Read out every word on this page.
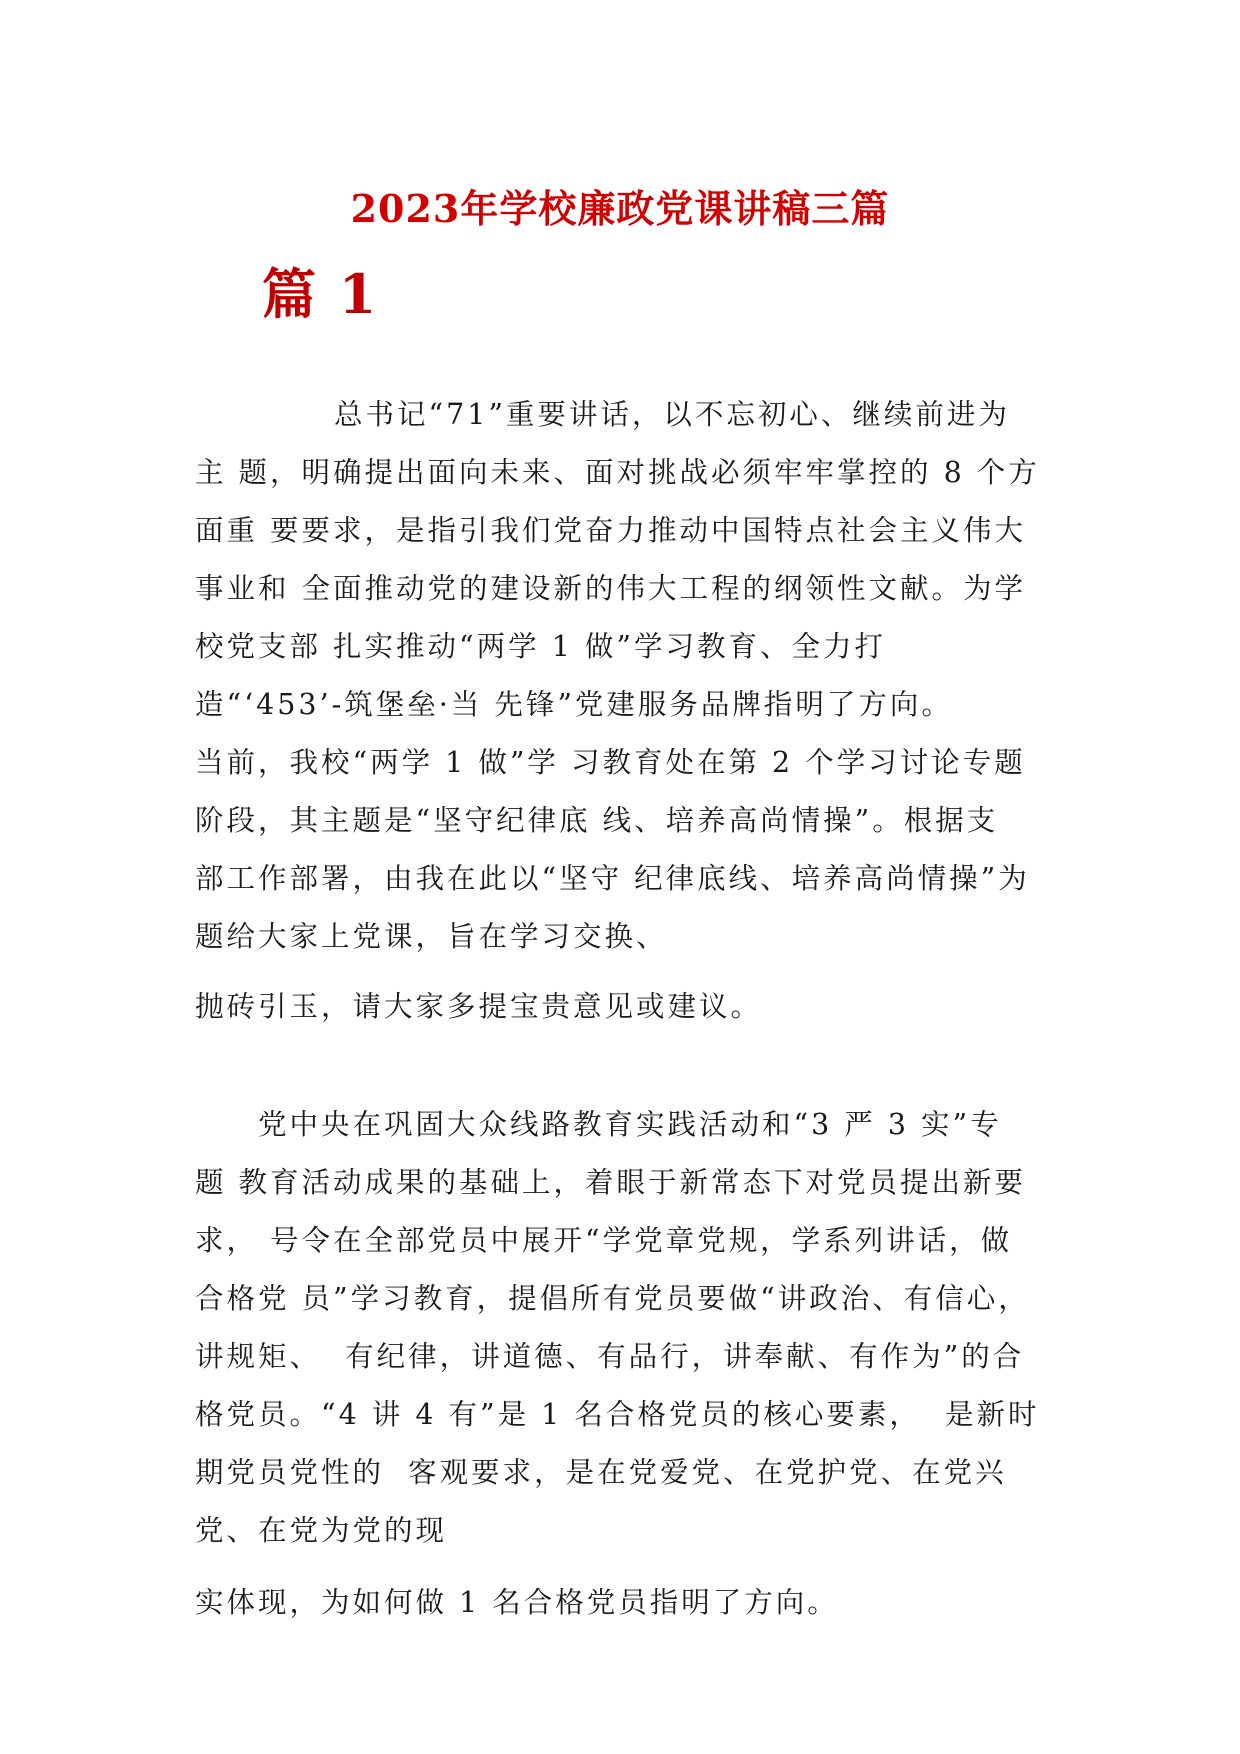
2023年学校廉政党课讲稿三篇
篇 1

总书记“71”重要讲话，以不忘初心、继续前进为

主 题，明确提出面向未来、面对挑战必须牢牢掌控的 8 个方

面重 要要求，是指引我们党奋力推动中国特点社会主义伟大

事业和 全面推动党的建设新的伟大工程的纲领性文献。为学

校党支部 扎实推动“两学 1 做”学习教育、全力打

造“‘453’-筑堡垒·当 先锋”党建服务品牌指明了方向。

当前，我校“两学 1 做”学 习教育处在第 2 个学习讨论专题

阶段，其主题是“坚守纪律底 线、培养高尚情操”。根据支

部工作部署，由我在此以“坚守 纪律底线、培养高尚情操”为

题给大家上党课，旨在学习交换、

抛砖引玉，请大家多提宝贵意见或建议。

党中央在巩固大众线路教育实践活动和“3 严 3 实”专

题 教育活动成果的基础上，着眼于新常态下对党员提出新要

求， 号令在全部党员中展开“学党章党规，学系列讲话，做

合格党 员”学习教育，提倡所有党员要做“讲政治、有信心，

讲规矩、  有纪律，讲道德、有品行，讲奉献、有作为”的合

格党员。“4 讲 4 有”是 1 名合格党员的核心要素，  是新时

期党员党性的  客观要求，是在党爱党、在党护党、在党兴

党、在党为党的现

实体现，为如何做 1 名合格党员指明了方向。
